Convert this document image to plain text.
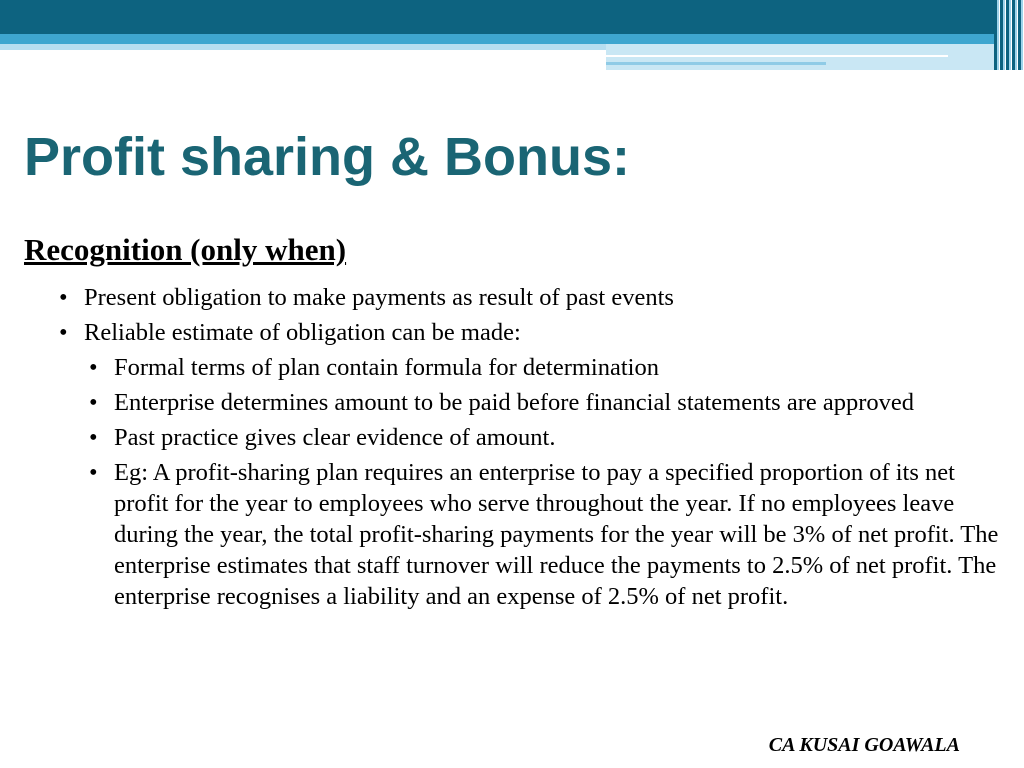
Profit sharing & Bonus:
Recognition (only when)
• Present obligation to make payments as result of past events
• Reliable estimate of obligation can be made:
• Formal terms of plan contain formula for determination
• Enterprise determines amount to be paid before financial statements are approved
• Past practice gives clear evidence of amount.
• Eg: A profit-sharing plan requires an enterprise to pay a specified proportion of its net profit for the year to employees who serve throughout the year. If no employees leave during the year, the total profit-sharing payments for the year will be 3% of net profit. The enterprise estimates that staff turnover will reduce the payments to 2.5% of net profit. The enterprise recognises a liability and an expense of 2.5% of net profit.
CA KUSAI GOAWALA
